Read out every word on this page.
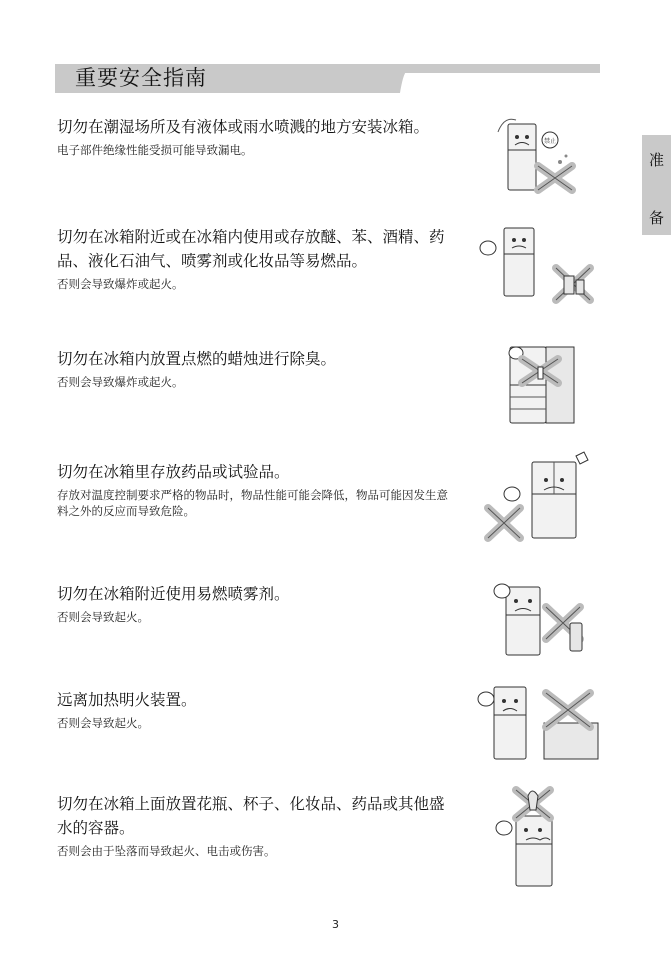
重要安全指南
准
备
切勿在潮湿场所及有液体或雨水喷溅的地方安装冰箱。

电子部件绝缘性能受损可能导致漏电。

禁止
切勿在冰箱附近或在冰箱内使用或存放醚、苯、酒精、药品、液化石油气、喷雾剂或化妆品等易燃品。

否则会导致爆炸或起火。

切勿在冰箱内放置点燃的蜡烛进行除臭。

否则会导致爆炸或起火。

切勿在冰箱里存放药品或试验品。

存放对温度控制要求严格的物品时，物品性能可能会降低，物品可能因发生意料之外的反应而导致危险。

切勿在冰箱附近使用易燃喷雾剂。

否则会导致起火。

远离加热明火装置。

否则会导致起火。

切勿在冰箱上面放置花瓶、杯子、化妆品、药品或其他盛水的容器。

否则会由于坠落而导致起火、电击或伤害。

3
